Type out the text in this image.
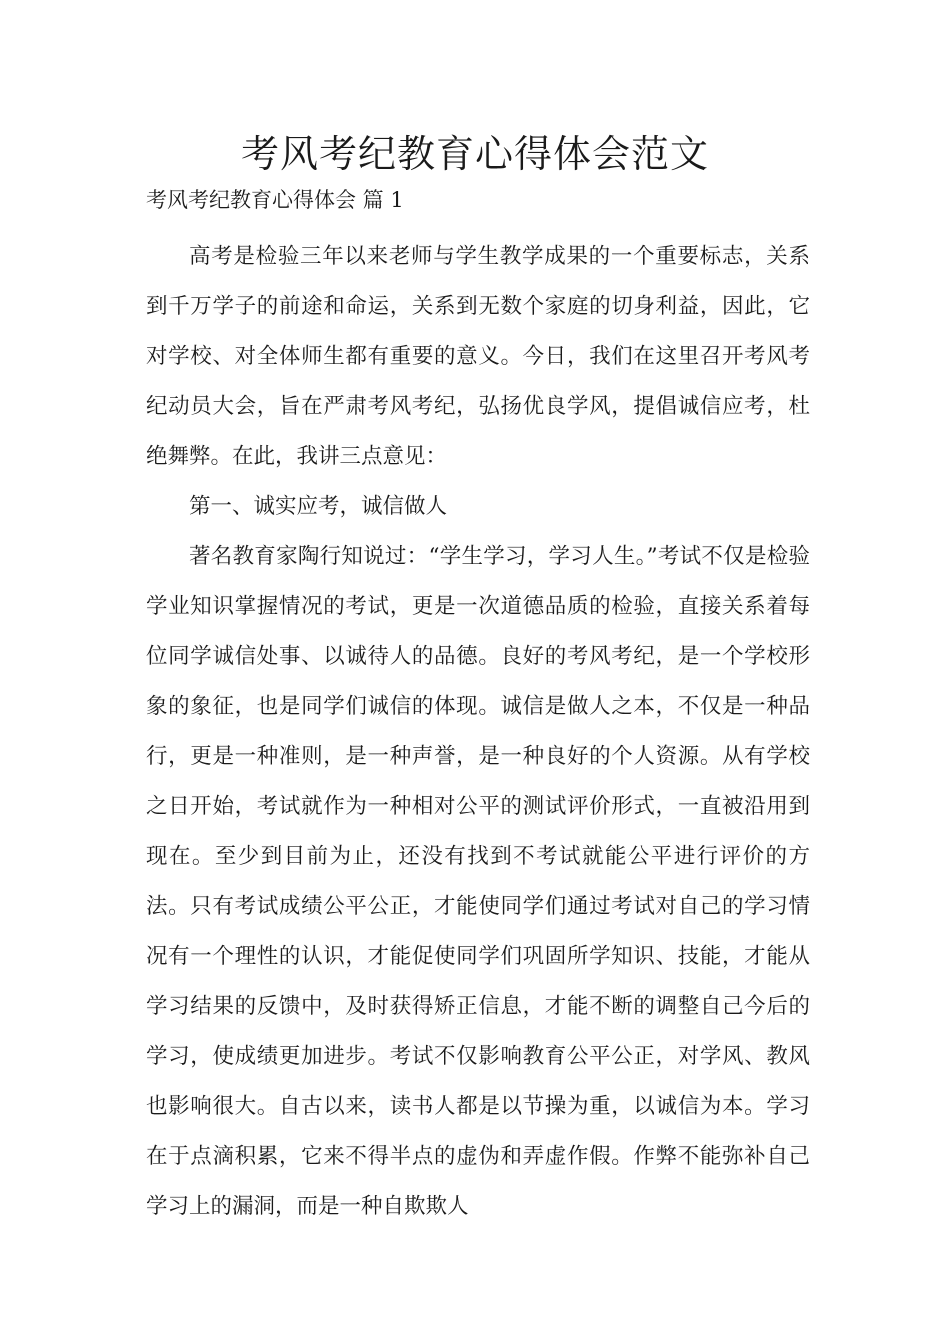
考风考纪教育心得体会范文
考风考纪教育心得体会 篇 1

高考是检验三年以来老师与学生教学成果的一个重要标志，关系到千万学子的前途和命运，关系到无数个家庭的切身利益，因此，它对学校、对全体师生都有重要的意义。今日，我们在这里召开考风考纪动员大会，旨在严肃考风考纪，弘扬优良学风，提倡诚信应考，杜绝舞弊。在此，我讲三点意见：

第一、诚实应考，诚信做人

著名教育家陶行知说过：“学生学习，学习人生。”考试不仅是检验学业知识掌握情况的考试，更是一次道德品质的检验，直接关系着每位同学诚信处事、以诚待人的品德。良好的考风考纪，是一个学校形象的象征，也是同学们诚信的体现。诚信是做人之本，不仅是一种品行，更是一种准则，是一种声誉，是一种良好的个人资源。从有学校之日开始，考试就作为一种相对公平的测试评价形式，一直被沿用到现在。至少到目前为止，还没有找到不考试就能公平进行评价的方法。只有考试成绩公平公正，才能使同学们通过考试对自己的学习情况有一个理性的认识，才能促使同学们巩固所学知识、技能，才能从学习结果的反馈中，及时获得矫正信息，才能不断的调整自己今后的学习，使成绩更加进步。考试不仅影响教育公平公正，对学风、教风也影响很大。自古以来，读书人都是以节操为重，以诚信为本。学习在于点滴积累，它来不得半点的虚伪和弄虚作假。作弊不能弥补自己学习上的漏洞，而是一种自欺欺人
